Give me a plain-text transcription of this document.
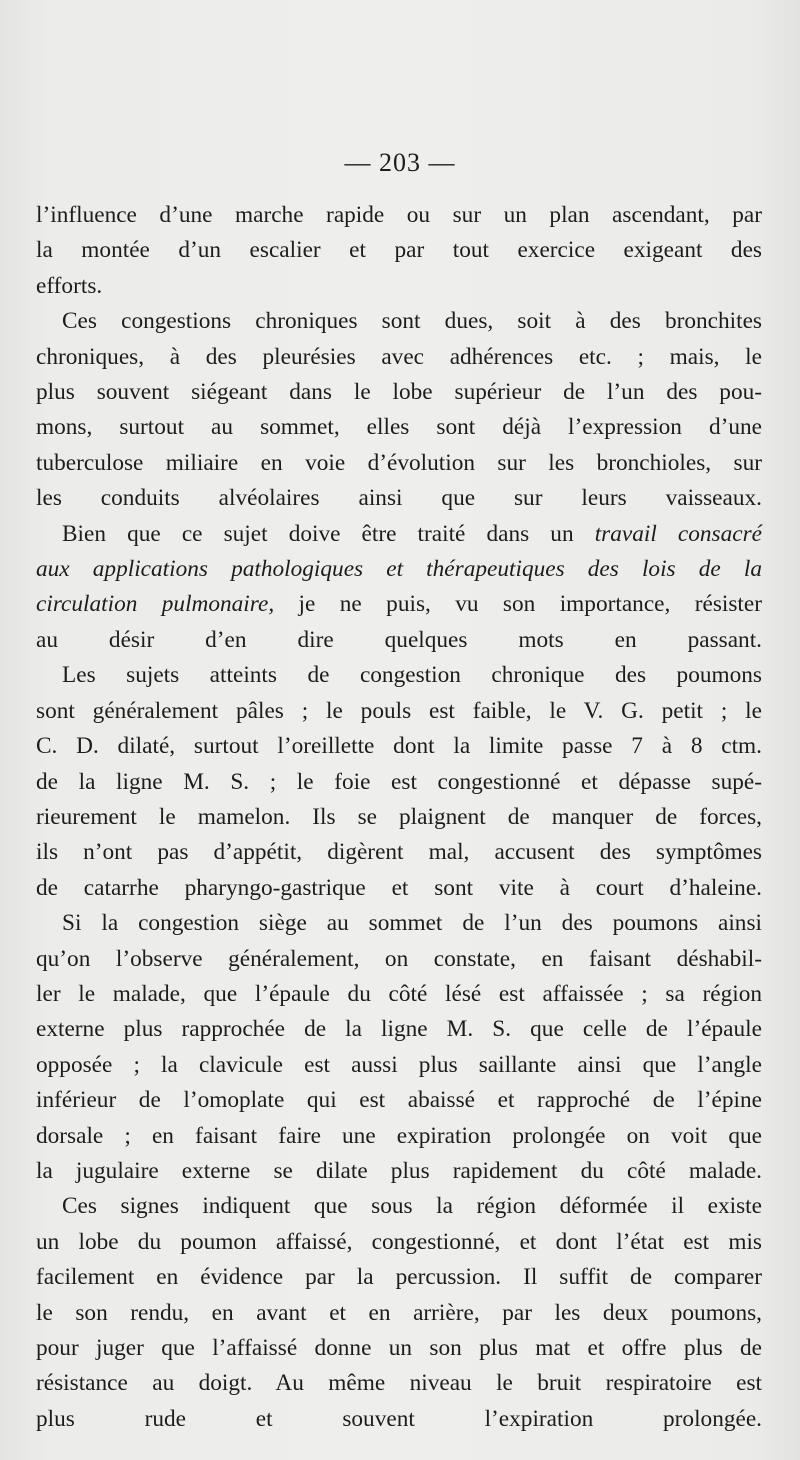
— 203 —

l’influence d’une marche rapide ou sur un plan ascendant, par
la montée d’un escalier et par tout exercice exigeant des
efforts.

Ces congestions chroniques sont dues, soit à des bronchites
chroniques, à des pleurésies avec adhérences etc. ; mais, le
plus souvent siégeant dans le lobe supérieur de l’un des pou-
mons, surtout au sommet, elles sont déjà l’expression d’une
tuberculose miliaire en voie d’évolution sur les bronchioles, sur
les conduits alvéolaires ainsi que sur leurs vaisseaux.

Bien que ce sujet doive être traité dans un travail consacré
aux applications pathologiques et thérapeutiques des lois de la
circulation pulmonaire, je ne puis, vu son importance, résister
au désir d’en dire quelques mots en passant.

Les sujets atteints de congestion chronique des poumons
sont généralement pâles ; le pouls est faible, le V. G. petit ; le
C. D. dilaté, surtout l’oreillette dont la limite passe 7 à 8 ctm.
de la ligne M. S. ; le foie est congestionné et dépasse supé-
rieurement le mamelon. Ils se plaignent de manquer de forces,
ils n’ont pas d’appétit, digèrent mal, accusent des symptômes
de catarrhe pharyngo-gastrique et sont vite à court d’haleine.

Si la congestion siège au sommet de l’un des poumons ainsi
qu’on l’observe généralement, on constate, en faisant déshabil-
ler le malade, que l’épaule du côté lésé est affaissée ; sa région
externe plus rapprochée de la ligne M. S. que celle de l’épaule
opposée ; la clavicule est aussi plus saillante ainsi que l’angle
inférieur de l’omoplate qui est abaissé et rapproché de l’épine
dorsale ; en faisant faire une expiration prolongée on voit que
la jugulaire externe se dilate plus rapidement du côté malade.

Ces signes indiquent que sous la région déformée il existe
un lobe du poumon affaissé, congestionné, et dont l’état est mis
facilement en évidence par la percussion. Il suffit de comparer
le son rendu, en avant et en arrière, par les deux poumons,
pour juger que l’affaissé donne un son plus mat et offre plus de
résistance au doigt. Au même niveau le bruit respiratoire est
plus rude et souvent l’expiration prolongée.
